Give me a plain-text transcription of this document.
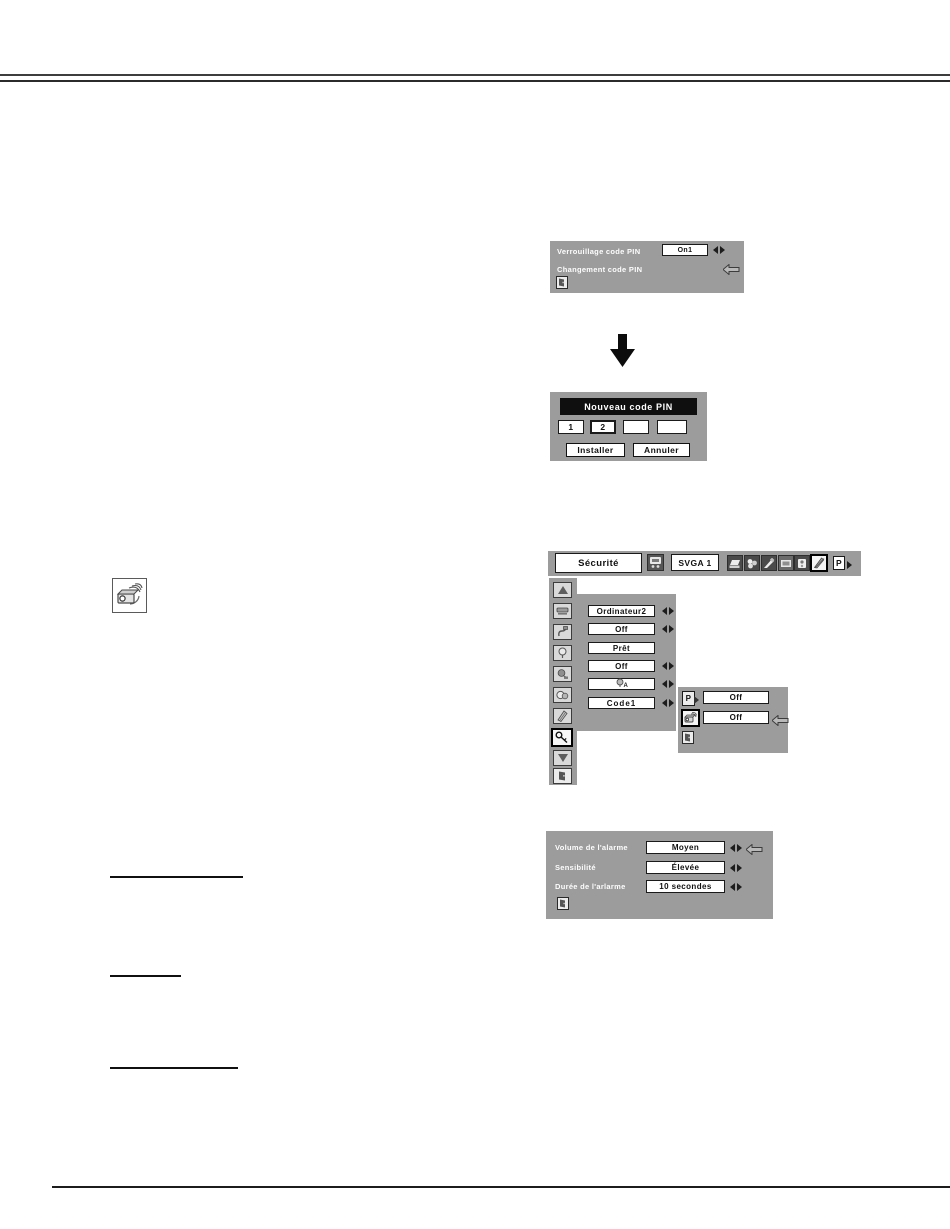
Verrouillage code PIN	On1
Changement code PIN
Nouveau code PIN
1	2
Installer	Annuler
Sécurité	SVGA 1	P
Ordinateur2
Off
Prêt
Off
A
Code1	P	Off
Off
Volume de l'alarme	Moyen
Sensibilité	Élevée
Durée de l'arlarme	10 secondes
